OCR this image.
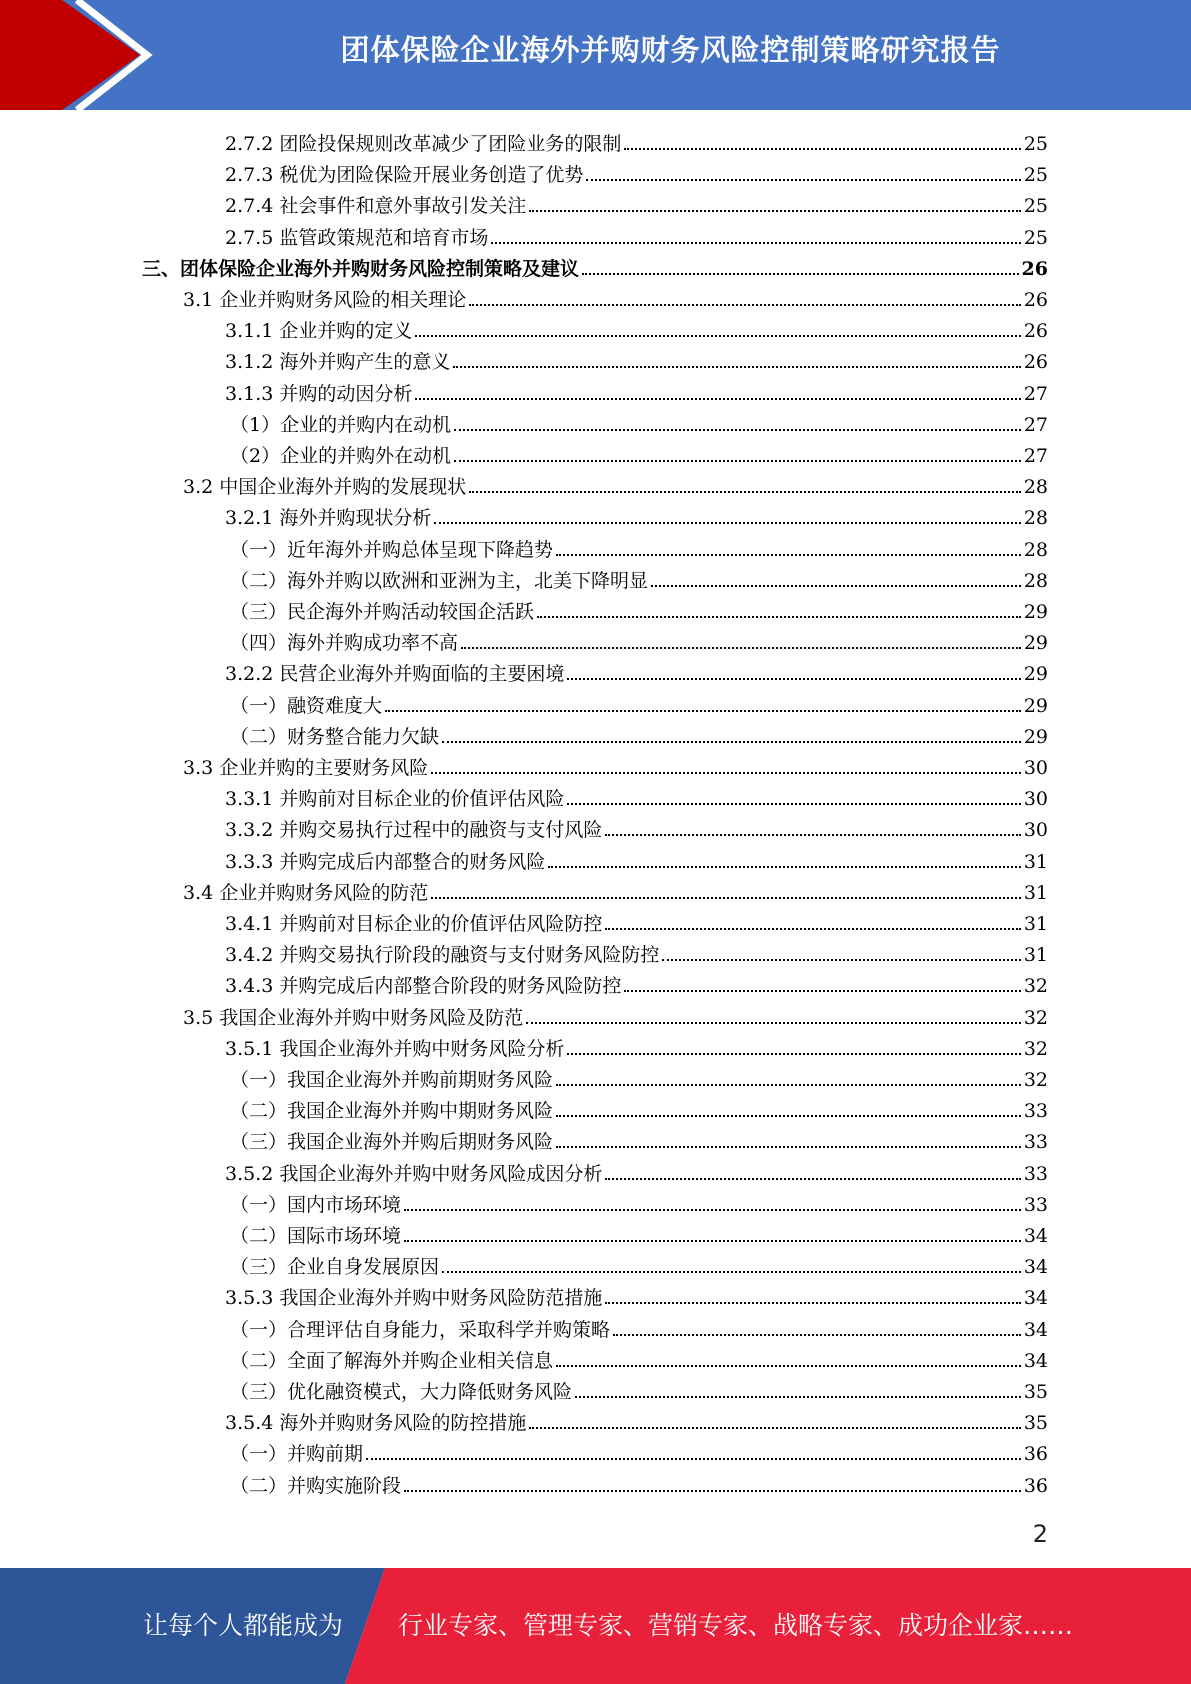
团体保险企业海外并购财务风险控制策略研究报告
2.7.2 团险投保规则改革减少了团险业务的限制	25
2.7.3 税优为团险保险开展业务创造了优势	25
2.7.4 社会事件和意外事故引发关注	25
2.7.5 监管政策规范和培育市场	25
三、团体保险企业海外并购财务风险控制策略及建议	26
3.1 企业并购财务风险的相关理论	26
3.1.1 企业并购的定义	26
3.1.2 海外并购产生的意义	26
3.1.3 并购的动因分析	27
（1）企业的并购内在动机	27
（2）企业的并购外在动机	27
3.2 中国企业海外并购的发展现状	28
3.2.1 海外并购现状分析	28
（一）近年海外并购总体呈现下降趋势	28
（二）海外并购以欧洲和亚洲为主，北美下降明显	28
（三）民企海外并购活动较国企活跃	29
（四）海外并购成功率不高	29
3.2.2 民营企业海外并购面临的主要困境	29
（一）融资难度大	29
（二）财务整合能力欠缺	29
3.3 企业并购的主要财务风险	30
3.3.1 并购前对目标企业的价值评估风险	30
3.3.2 并购交易执行过程中的融资与支付风险	30
3.3.3 并购完成后内部整合的财务风险	31
3.4 企业并购财务风险的防范	31
3.4.1 并购前对目标企业的价值评估风险防控	31
3.4.2 并购交易执行阶段的融资与支付财务风险防控	31
3.4.3 并购完成后内部整合阶段的财务风险防控	32
3.5 我国企业海外并购中财务风险及防范	32
3.5.1 我国企业海外并购中财务风险分析	32
（一）我国企业海外并购前期财务风险	32
（二）我国企业海外并购中期财务风险	33
（三）我国企业海外并购后期财务风险	33
3.5.2 我国企业海外并购中财务风险成因分析	33
（一）国内市场环境	33
（二）国际市场环境	34
（三）企业自身发展原因	34
3.5.3 我国企业海外并购中财务风险防范措施	34
（一）合理评估自身能力，采取科学并购策略	34
（二）全面了解海外并购企业相关信息	34
（三）优化融资模式，大力降低财务风险	35
3.5.4 海外并购财务风险的防控措施	35
（一）并购前期	36
（二）并购实施阶段	36
2
让每个人都能成为 行业专家、管理专家、营销专家、战略专家、成功企业家……
